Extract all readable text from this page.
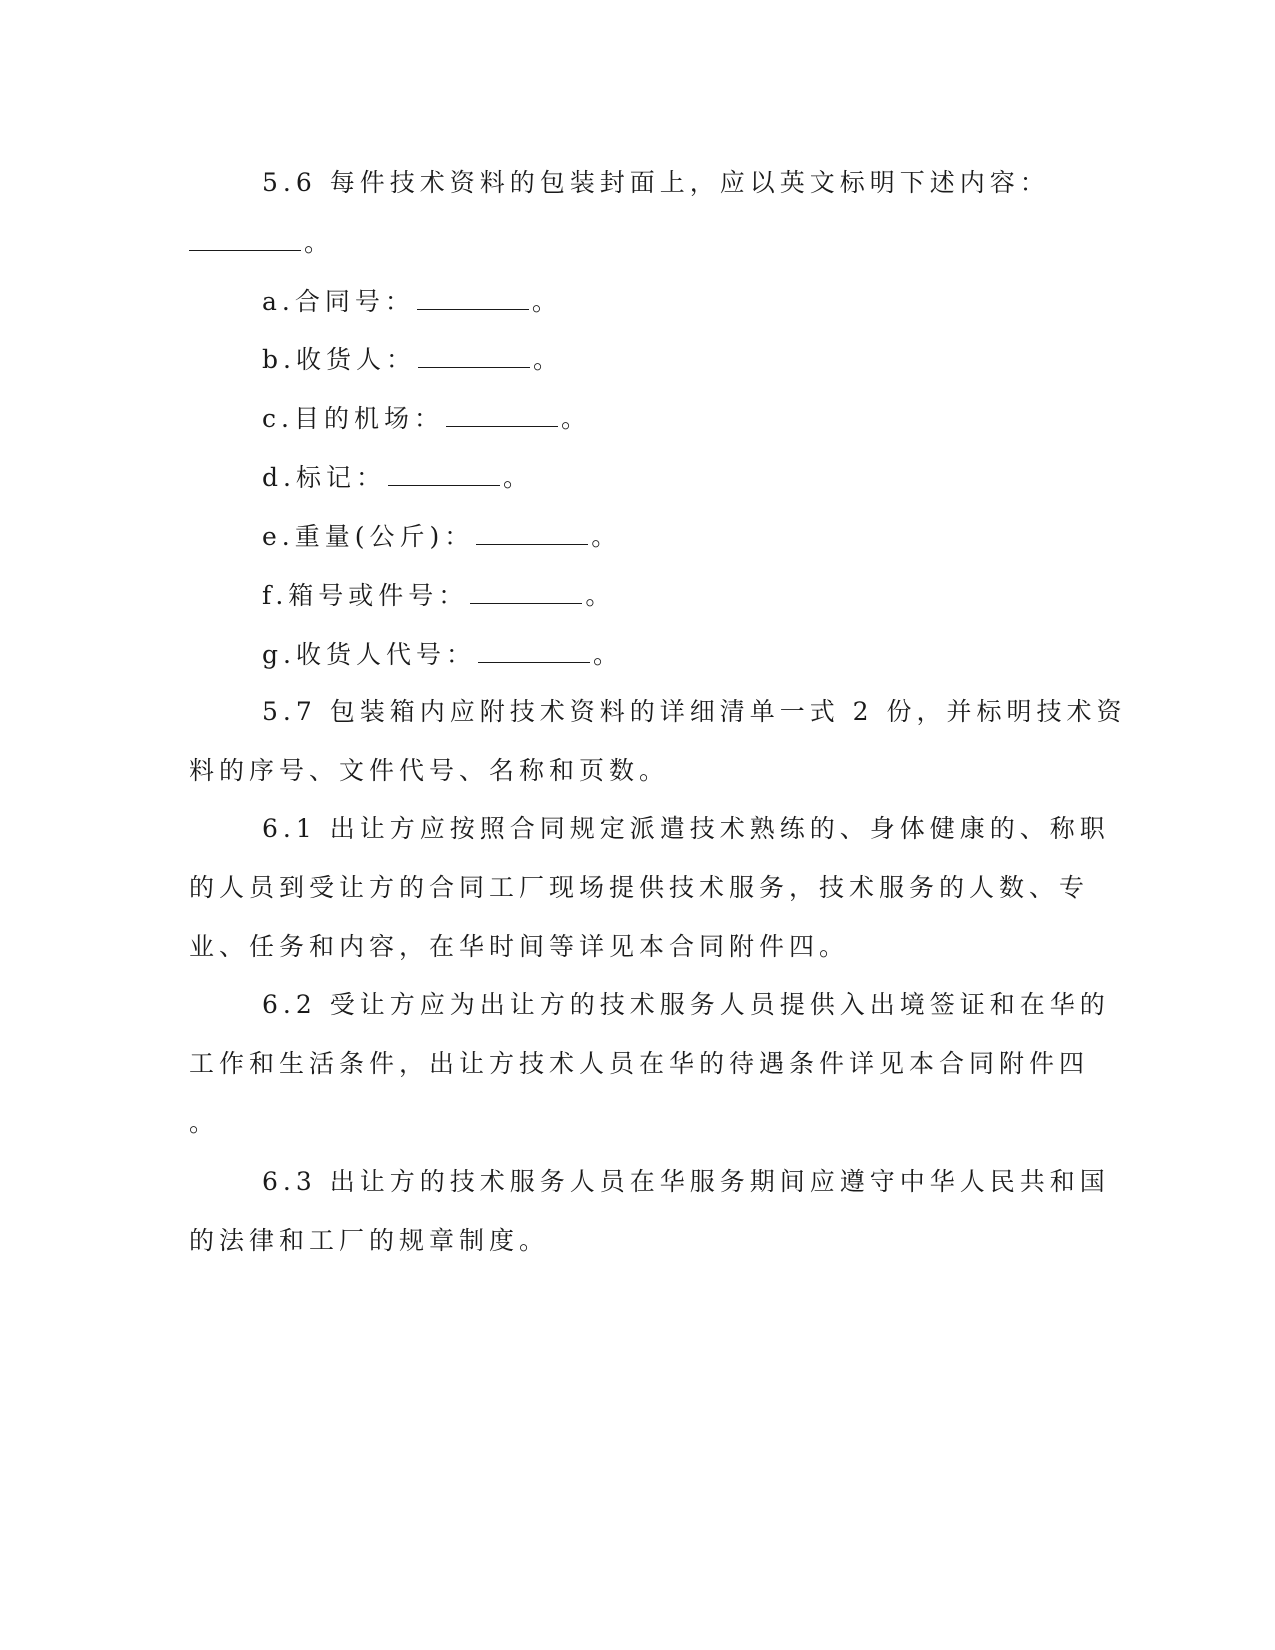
5.6 每件技术资料的包装封面上，应以英文标明下述内容：
。
a.合同号：	。
b.收货人：	。
c.目的机场：	。
d.标记：	。
e.重量(公斤)：	。
f.箱号或件号：	。
g.收货人代号：	。
5.7 包装箱内应附技术资料的详细清单一式 2 份，并标明技术资
料的序号、文件代号、名称和页数。
6.1 出让方应按照合同规定派遣技术熟练的、身体健康的、称职
的人员到受让方的合同工厂现场提供技术服务，技术服务的人数、专
业、任务和内容，在华时间等详见本合同附件四。
6.2 受让方应为出让方的技术服务人员提供入出境签证和在华的
工作和生活条件，出让方技术人员在华的待遇条件详见本合同附件四
。
6.3 出让方的技术服务人员在华服务期间应遵守中华人民共和国
的法律和工厂的规章制度。
